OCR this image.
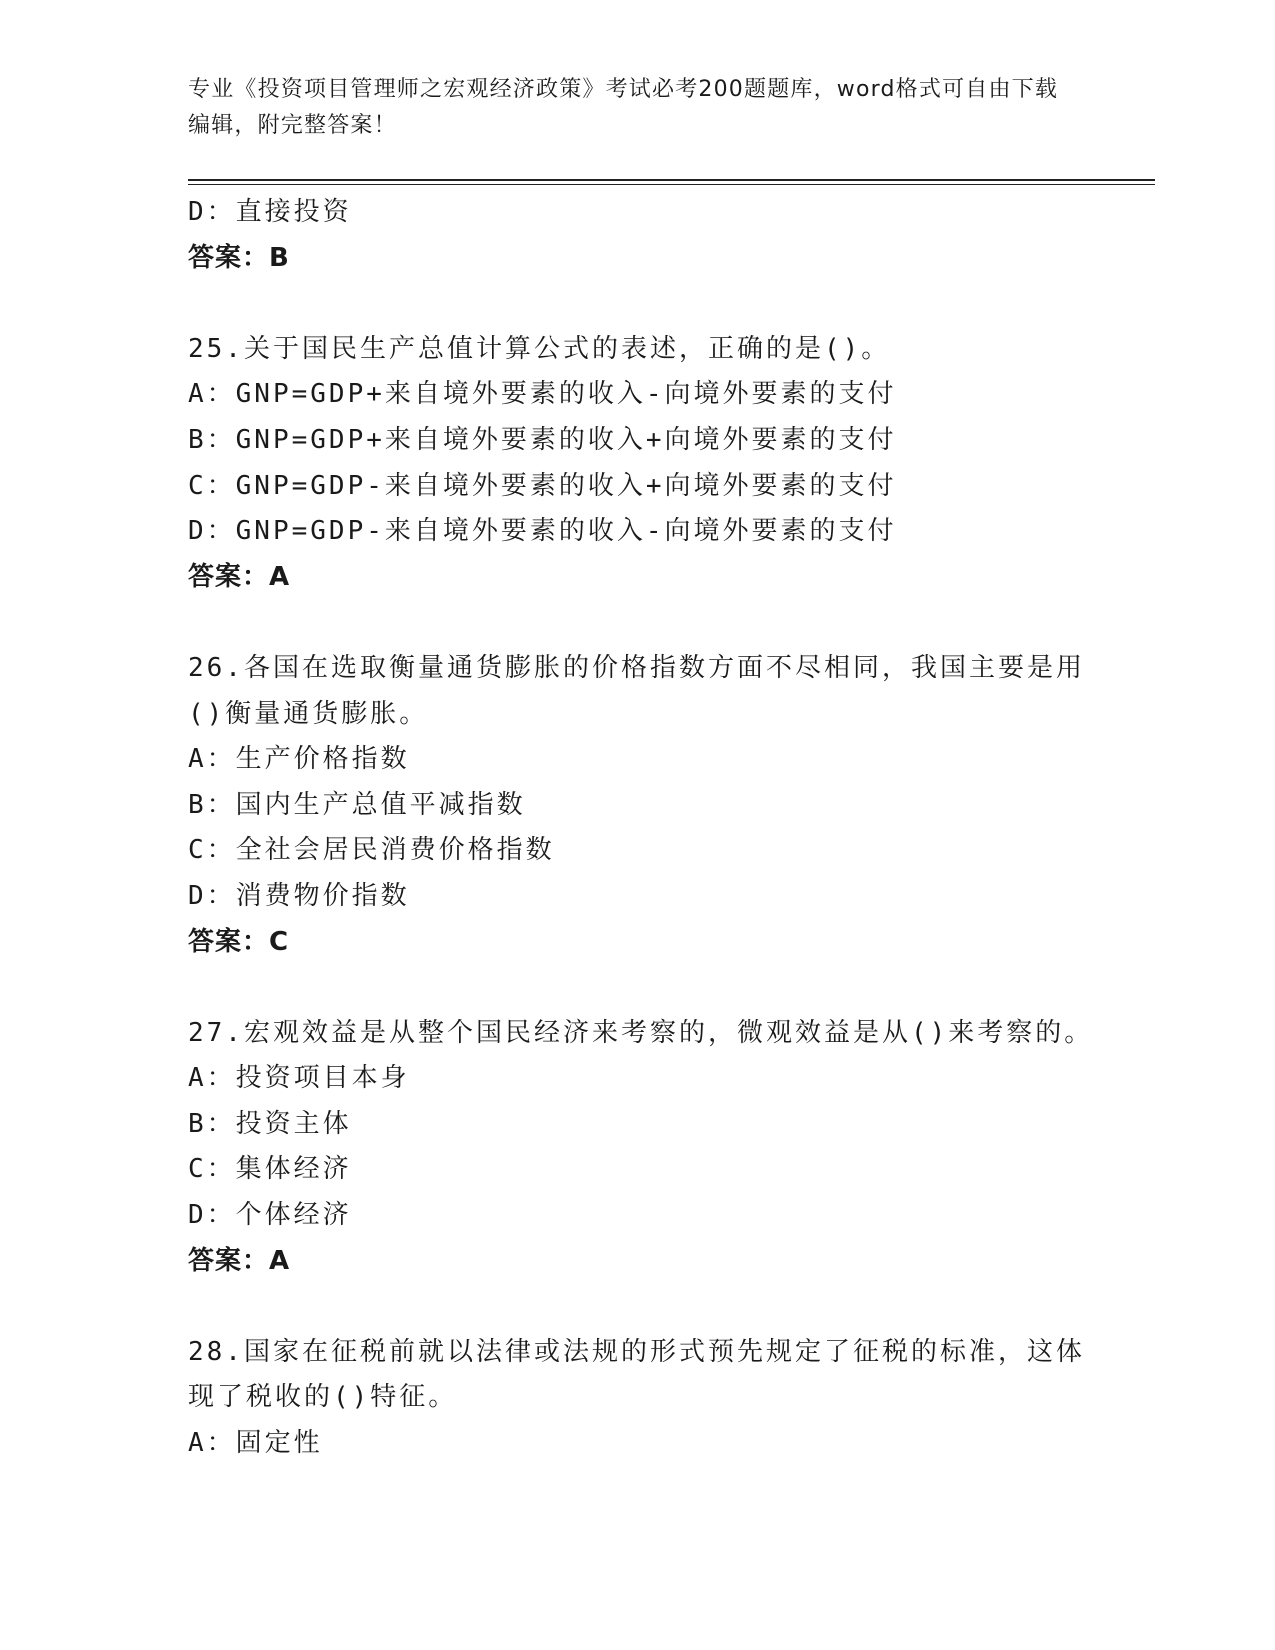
专业《投资项目管理师之宏观经济政策》考试必考200题题库，word格式可自由下载编辑，附完整答案！
D：直接投资
答案：B
25.关于国民生产总值计算公式的表述，正确的是()。
A：GNP=GDP+来自境外要素的收入-向境外要素的支付
B：GNP=GDP+来自境外要素的收入+向境外要素的支付
C：GNP=GDP-来自境外要素的收入+向境外要素的支付
D：GNP=GDP-来自境外要素的收入-向境外要素的支付
答案：A
26.各国在选取衡量通货膨胀的价格指数方面不尽相同，我国主要是用
()衡量通货膨胀。
A：生产价格指数
B：国内生产总值平减指数
C：全社会居民消费价格指数
D：消费物价指数
答案：C
27.宏观效益是从整个国民经济来考察的，微观效益是从()来考察的。
A：投资项目本身
B：投资主体
C：集体经济
D：个体经济
答案：A
28.国家在征税前就以法律或法规的形式预先规定了征税的标准，这体
现了税收的()特征。
A：固定性
